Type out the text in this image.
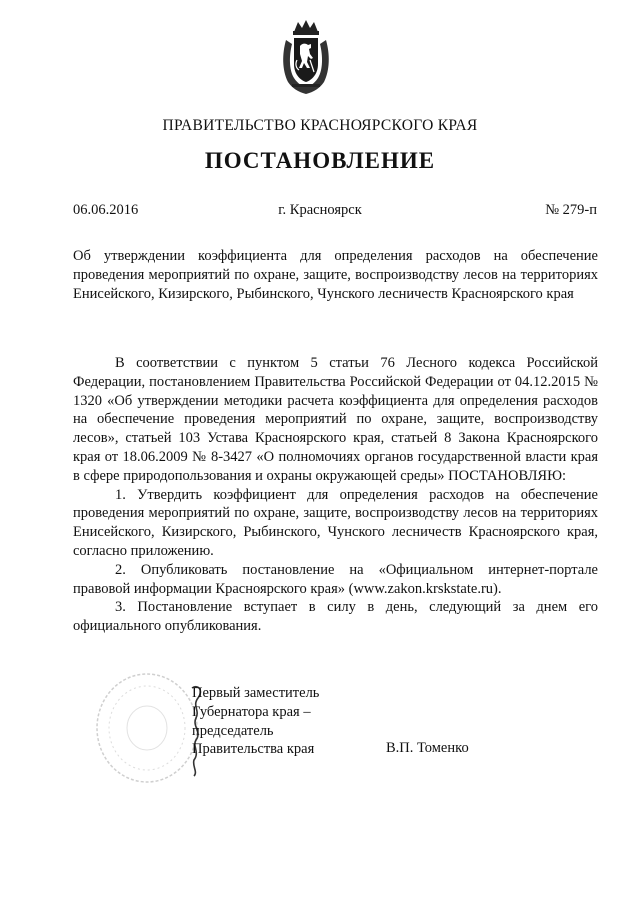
ПРАВИТЕЛЬСТВО КРАСНОЯРСКОГО КРАЯ
ПОСТАНОВЛЕНИЕ
06.06.2016	г. Красноярск	№ 279-п
Об утверждении коэффициента для определения расходов на обеспечение проведения мероприятий по охране, защите, воспроизводству лесов на территориях Енисейского, Кизирского, Рыбинского, Чунского лесничеств Красноярского края

В соответствии с пунктом 5 статьи 76 Лесного кодекса Российской Федерации, постановлением Правительства Российской Федерации от 04.12.2015 № 1320 «Об утверждении методики расчета коэффициента для определения расходов на обеспечение проведения мероприятий по охране, защите, воспроизводству лесов», статьей 103 Устава Красноярского края, статьей 8 Закона Красноярского края от 18.06.2009 № 8-3427 «О полномочиях органов государственной власти края в сфере природопользования и охраны окружающей среды» ПОСТАНОВЛЯЮ:

1. Утвердить коэффициент для определения расходов на обеспечение проведения мероприятий по охране, защите, воспроизводству лесов на территориях Енисейского, Кизирского, Рыбинского, Чунского лесничеств Красноярского края, согласно приложению.

2. Опубликовать постановление на «Официальном интернет-портале правовой информации Красноярского края» (www.zakon.krskstate.ru).

3. Постановление вступает в силу в день, следующий за днем его официального опубликования.

Первый заместитель
Губернатора края –
председатель
Правительства края	В.П. Томенко
